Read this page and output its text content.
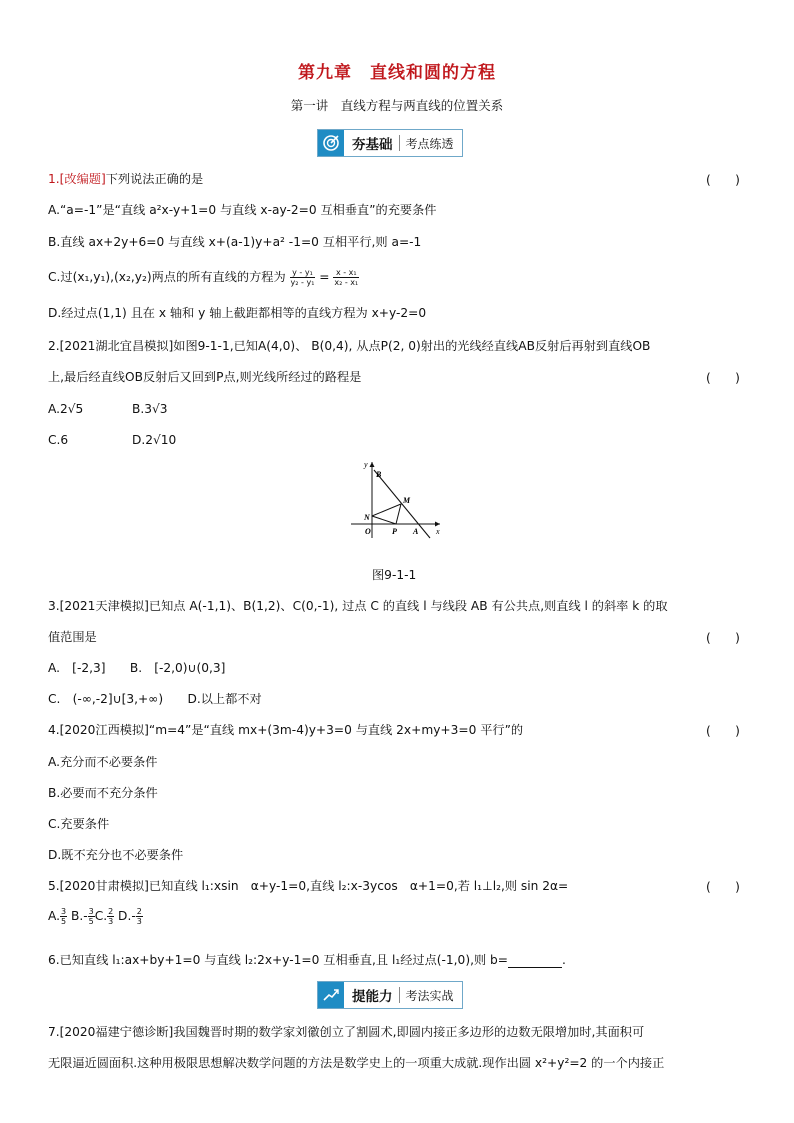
第九章　直线和圆的方程
第一讲　直线方程与两直线的位置关系
夯基础	考点练透
1.[改编题]下列说法正确的是	(　　)
A.“a=-1”是“直线 a²x-y+1=0 与直线 x-ay-2=0 互相垂直”的充要条件
B.直线 ax+2y+6=0 与直线 x+(a-1)y+a² -1=0 互相平行,则 a=-1
C.过(x₁,y₁),(x₂,y₂)两点的所有直线的方程为 $\frac{\text{y - y₁}}{\text{y₂ - y₁}} = \frac{\text{x - x₁}}{\text{x₂ - x₁}}$
D.经过点(1,1) 且在 x 轴和 y 轴上截距都相等的直线方程为 x+y-2=0
2.[2021湖北宜昌模拟]如图9-1-1,已知A(4,0)、 B(0,4), 从点P(2, 0)射出的光线经直线AB反射后再射到直线OB
上,最后经直线OB反射后又回到P点,则光线所经过的路程是	(　　)
A.2√5	B.3√3
C.6	D.2√10
y
x
B
M
N
O	P A
图9-1-1
3.[2021天津模拟]已知点 A(-1,1)、B(1,2)、C(0,-1), 过点 C 的直线 l 与线段 AB 有公共点,则直线 l 的斜率 k 的取
值范围是	(　　)
A.　[-2,3]　　B.　[-2,0)∪(0,3]
C.　(-∞,-2]∪[3,+∞)　　D.以上都不对
4.[2020江西模拟]“m=4”是“直线 mx+(3m-4)y+3=0 与直线 2x+my+3=0 平行”的	(　　)
A.充分而不必要条件
B.必要而不充分条件
C.充要条件
D.既不充分也不必要条件
5.[2020甘肃模拟]已知直线 l₁:xsin　α+y-1=0,直线 l₂:x-3ycos　α+1=0,若 l₁⊥l₂,则 sin 2α=	(　　)
A. $\frac{3}{5} B.- \frac{3}{5} C$. $\frac{2}{3} D.- \frac{2}{3}$
6.已知直线 l₁:ax+by+1=0 与直线 l₂:2x+y-1=0 互相垂直,且 l₁经过点(-1,0),则 b=	.
提能力	考法实战
7.[2020福建宁德诊断]我国魏晋时期的数学家刘徽创立了割圆术,即圆内接正多边形的边数无限增加时,其面积可
无限逼近圆面积.这种用极限思想解决数学问题的方法是数学史上的一项重大成就.现作出圆 x²+y²=2 的一个内接正
